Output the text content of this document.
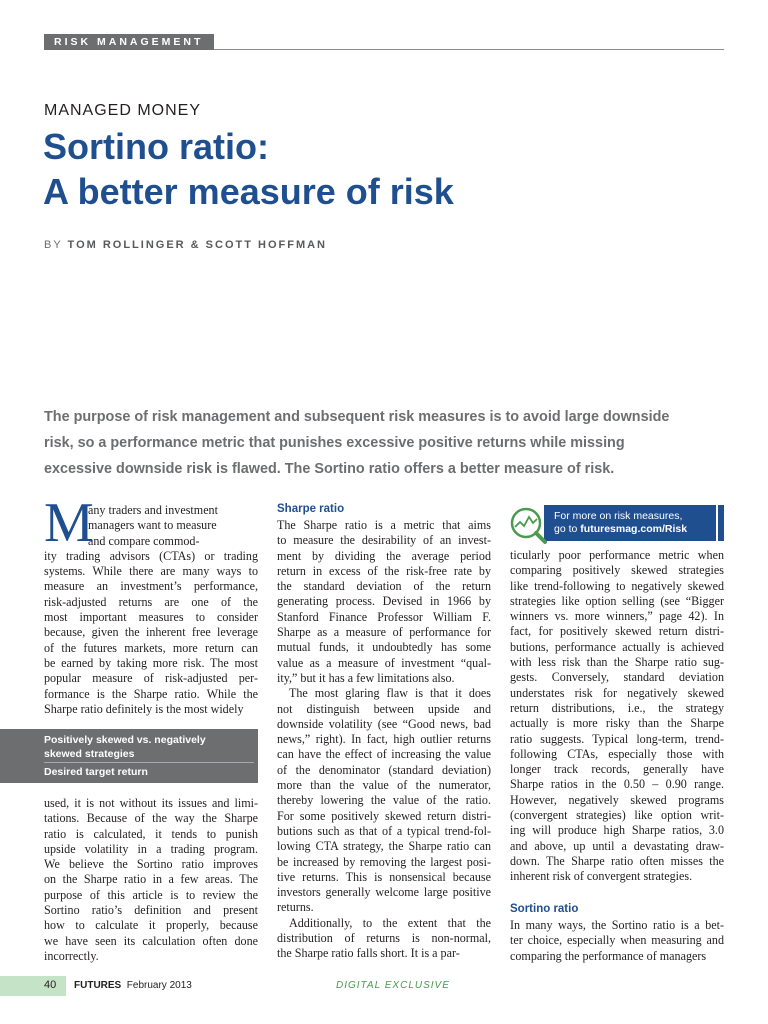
RISK MANAGEMENT
MANAGED MONEY
Sortino ratio:
A better measure of risk
BY TOM ROLLINGER & SCOTT HOFFMAN
The purpose of risk management and subsequent risk measures is to avoid large downside
risk, so a performance metric that punishes excessive positive returns while missing
excessive downside risk is flawed. The Sortino ratio offers a better measure of risk.
M
any traders and investment
managers want to measure
and compare commod-
ity trading advisors (CTAs) or trading
systems. While there are many ways to
measure an investment’s performance,
risk-adjusted returns are one of the
most important measures to consider
because, given the inherent free leverage
of the futures markets, more return can
be earned by taking more risk. The most
popular measure of risk-adjusted per-
formance is the Sharpe ratio. While the
Sharpe ratio definitely is the most widely
Positively skewed vs. negatively
skewed strategies
Desired target return
used, it is not without its issues and limi-
tations. Because of the way the Sharpe
ratio is calculated, it tends to punish
upside volatility in a trading program.
We believe the Sortino ratio improves
on the Sharpe ratio in a few areas. The
purpose of this article is to review the
Sortino ratio’s definition and present
how to calculate it properly, because
we have seen its calculation often done
incorrectly.
Sharpe ratio
The Sharpe ratio is a metric that aims
to measure the desirability of an invest-
ment by dividing the average period
return in excess of the risk-free rate by
the standard deviation of the return
generating process. Devised in 1966 by
Stanford Finance Professor William F.
Sharpe as a measure of performance for
mutual funds, it undoubtedly has some
value as a measure of investment “qual-
ity,” but it has a few limitations also.
The most glaring flaw is that it does
not distinguish between upside and
downside volatility (see “Good news, bad
news,” right). In fact, high outlier returns
can have the effect of increasing the value
of the denominator (standard deviation)
more than the value of the numerator,
thereby lowering the value of the ratio.
For some positively skewed return distri-
butions such as that of a typical trend-fol-
lowing CTA strategy, the Sharpe ratio can
be increased by removing the largest posi-
tive returns. This is nonsensical because
investors generally welcome large positive
returns.
Additionally, to the extent that the
distribution of returns is non-normal,
the Sharpe ratio falls short. It is a par-
For more on risk measures,
go to futuresmag.com/Risk
ticularly poor performance metric when
comparing positively skewed strategies
like trend-following to negatively skewed
strategies like option selling (see “Bigger
winners vs. more winners,” page 42). In
fact, for positively skewed return distri-
butions, performance actually is achieved
with less risk than the Sharpe ratio sug-
gests. Conversely, standard deviation
understates risk for negatively skewed
return distributions, i.e., the strategy
actually is more risky than the Sharpe
ratio suggests. Typical long-term, trend-
following CTAs, especially those with
longer track records, generally have
Sharpe ratios in the 0.50 – 0.90 range.
However, negatively skewed programs
(convergent strategies) like option writ-
ing will produce high Sharpe ratios, 3.0
and above, up until a devastating draw-
down. The Sharpe ratio often misses the
inherent risk of convergent strategies.
Sortino ratio
In many ways, the Sortino ratio is a bet-
ter choice, especially when measuring and
comparing the performance of managers
40 FUTURES February 2013	DIGITAL EXCLUSIVE
